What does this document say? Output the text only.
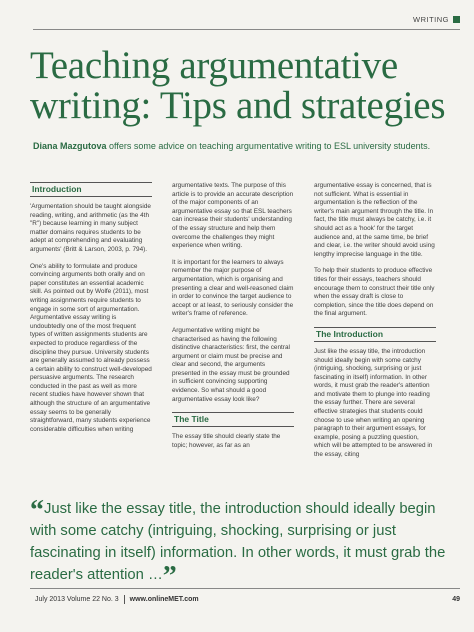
WRITING
Teaching argumentative writing: Tips and strategies
Diana Mazgutova offers some advice on teaching argumentative writing to ESL university students.
Introduction

'Argumentation should be taught alongside reading, writing, and arithmetic (as the 4th "R") because learning in many subject matter domains requires students to be adept at comprehending and evaluating arguments' (Britt & Larson, 2003, p. 794).

One's ability to formulate and produce convincing arguments both orally and on paper constitutes an essential academic skill. As pointed out by Wolfe (2011), most writing assignments require students to engage in some sort of argumentation. Argumentative essay writing is undoubtedly one of the most frequent types of written assignments students are expected to produce regardless of the discipline they pursue. University students are generally assumed to already possess a certain ability to construct well-developed persuasive arguments. The research conducted in the past as well as more recent studies have however shown that although the structure of an argumentative essay seems to be generally straightforward, many students experience considerable difficulties when writing

argumentative texts. The purpose of this article is to provide an accurate description of the major components of an argumentative essay so that ESL teachers can increase their students' understanding of the essay structure and help them overcome the challenges they might experience when writing.

It is important for the learners to always remember the major purpose of argumentation, which is organising and presenting a clear and well-reasoned claim in order to convince the target audience to accept or at least, to seriously consider the writer's frame of reference.

Argumentative writing might be characterised as having the following distinctive characteristics: first, the central argument or claim must be precise and clear and second, the arguments presented in the essay must be grounded in sufficient convincing supporting evidence. So what should a good argumentative essay look like?

The Title

The essay title should clearly state the topic; however, as far as an

argumentative essay is concerned, that is not sufficient. What is essential in argumentation is the reflection of the writer's main argument through the title. In fact, the title must always be catchy, i.e. it should act as a 'hook' for the target audience and, at the same time, be brief and clear, i.e. the writer should avoid using lengthy imprecise language in the title.

To help their students to produce effective titles for their essays, teachers should encourage them to construct their title only when the essay draft is close to completion, since the title does depend on the final argument.

The Introduction

Just like the essay title, the introduction should ideally begin with some catchy (intriguing, shocking, surprising or just fascinating in itself) information. In other words, it must grab the reader's attention and motivate them to plunge into reading the essay further. There are several effective strategies that students could choose to use when writing an opening paragraph to their argument essays, for example, posing a puzzling question, which will be attempted to be answered in the essay, citing

“Just like the essay title, the introduction should ideally begin with some catchy (intriguing, shocking, surprising or just fascinating in itself) information. In other words, it must grab the reader's attention …”
July 2013 Volume 22 No. 3 www.onlineMET.com	49
